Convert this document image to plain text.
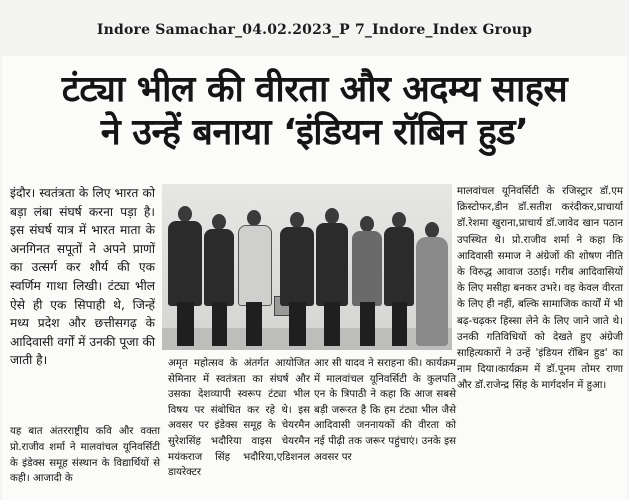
Indore Samachar_04.02.2023_P 7_Indore_Index Group
टंट्या भील की वीरता और अदम्य साहस
ने उन्हें बनाया ‘इंडियन रॉबिन हुड’

इंदौर। स्वतंत्रता के लिए भारत को बड़ा लंबा संघर्ष करना पड़ा है। इस संघर्ष यात्र में भारत माता के अनगिनत सपूतों ने अपने प्राणों का उत्सर्ग कर शौर्य की एक स्वर्णिम गाथा लिखी। टंट्या भील ऐसे ही एक सिपाही थे, जिन्हें मध्य प्रदेश और छत्तीसगढ़ के आदिवासी वर्गों में उनकी पूजा की जाती है।

यह बात अंतरराष्ट्रीय कवि और वक्ता प्रो.राजीव शर्मा ने मालवांचल यूनिवर्सिटी के इंडेक्स समूह संस्थान के विद्यार्थियों से कही। आजादी के

अमृत महोत्सव के अंतर्गत आयोजित सेमिनार में स्वतंत्रता का संघर्ष और उसका देशव्यापी स्वरूप टंट्या भील विषय पर संबोधित कर रहे थे। इस अवसर पर इंडेक्स समूह के चेयरमैन सुरेशसिंह भदौरिया वाइस चेयरमैन मयंकराज सिंह भदौरिया,एडिशनल डायरेक्टर

आर सी यादव ने सराहना की। कार्यक्रम में मालवांचल यूनिवर्सिटी के कुलपति एन के त्रिपाठी ने कहा कि आज सबसे बड़ी जरूरत है कि हम टंट्या भील जैसे आदिवासी जननायकों की वीरता को नई पीढ़ी तक जरूर पहुंचाएं। उनके इस अवसर पर

मालवांचल यूनिवर्सिटी के रजिस्ट्रार डॉ.एम क्रिस्टोफर,डीन डॉ.सतीश करंदीकर,प्राचार्या डॉ.रेशमा खुराना,प्राचार्य डॉ.जावेद खान पठान उपस्थित थे। प्रो.राजीव शर्मा ने कहा कि आदिवासी समाज ने अंग्रेजों की शोषण नीति के विरुद्ध आवाज उठाई। गरीब आदिवासियों के लिए मसीहा बनकर उभरे। वह केवल वीरता के लिए ही नहीं, बल्कि सामाजिक कार्यों में भी बढ़-चढ़कर हिस्सा लेने के लिए जाने जाते थे। उनकी गतिविधियों को देखते हुए अंग्रेजी साहित्यकारों ने उन्हें 'इंडियन रॉबिन हुड' का नाम दिया।कार्यक्रम में डॉ.पूनम तोमर राणा और डॉ.राजेन्द्र सिंह के मार्गदर्शन में हुआ।
